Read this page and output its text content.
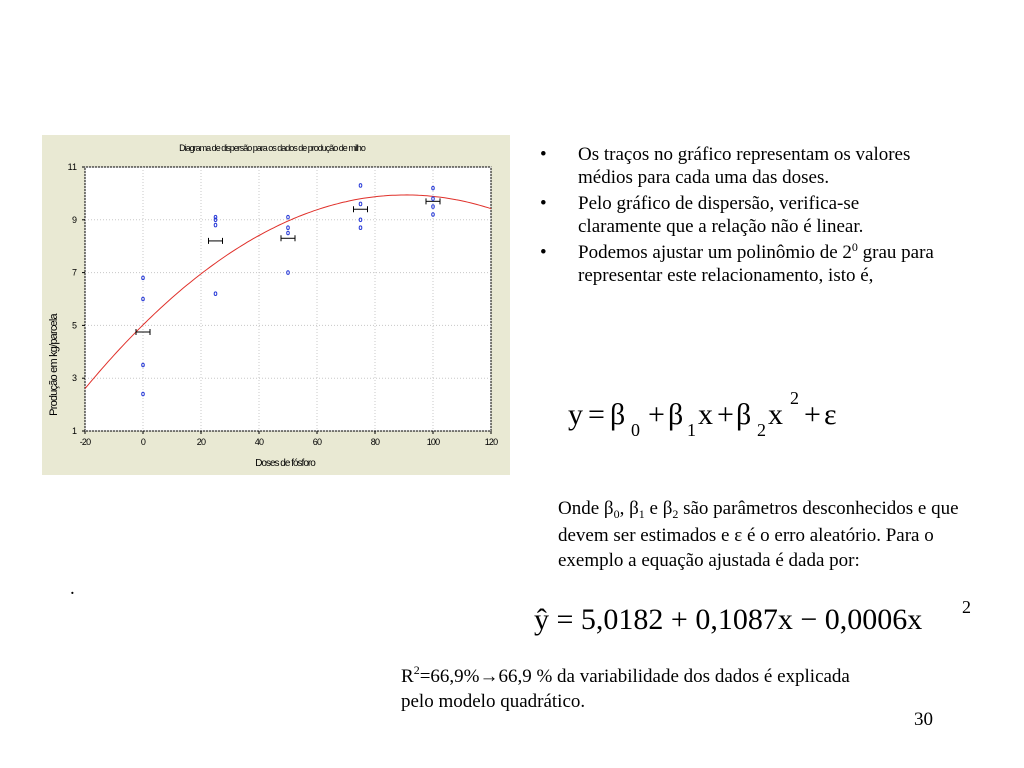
-20	0	20	40	60	80	100	120
1
3
5
7
9
11
Diagrama de dispersão para os dados de produção de milho
Doses de fósforo
Produção em kg/parcela
• Os traços no gráfico representam os valores médios para cada uma das doses.
• Pelo gráfico de dispersão, verifica-se claramente que a relação não é linear.
• Podemos ajustar um polinômio de $2^0$ grau para representar este relacionamento, isto é,
y = β 0 + β 1 x + β 2 x 2 + ε
Onde $\beta_0$, $\beta_1$ e $\beta_2$ são parâmetros desconhecidos e que devem ser estimados e ε é o erro aleatório. Para o exemplo a equação ajustada é dada por:
ŷ = 5,0182 + 0,1087x − 0,0006x 2
$R^2=66,9\%\to 66,9$ % da variabilidade dos dados é explicada pelo modelo quadrático.
.
30
